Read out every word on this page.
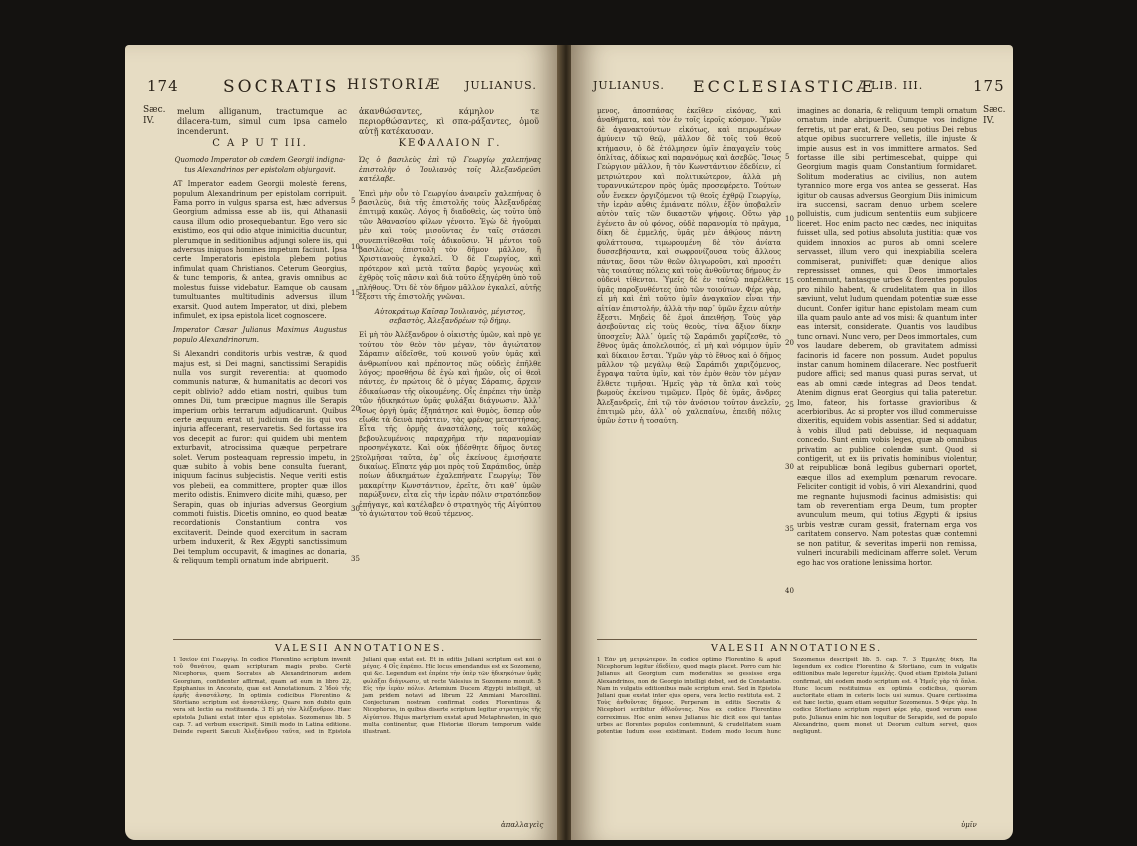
174	SOCRATIS HISTORIÆ JULIANUS.
Sæc.
IV.
melum alliganum, tractumque ac dilacera-tum, simul cum ipsa camelo incenderunt.
ἀκανθώσαντες, κάμηλον τε περιορθώσαντες, κὶ σπα-ράξαντες, ὁμοῦ αὐτῇ κατέκαυσαν.
C A P U T III.

Quomodo Imperator ob cædem Georgii indigna-tus Alexandrinos per epistolam objurgavit.

AT Imperator eadem Georgii molestè ferens, populum Alexandrinum per epistolam corripuit. Fama porro in vulgus sparsa est, hæc adversus Georgium admissa esse ab iis, qui Athanasii causa illum odio prosequebantur. Ego vero sic existimo, eos qui odio atque inimicitia ducuntur, plerumque in seditionibus adjungi solere iis, qui adversus iniquos homines impetum faciunt. Ipsa certe Imperatoris epistola plebem potius infimulat quam Christianos. Ceterum Georgius, & tunc temporis, & antea, gravis omnibus ac molestus fuisse videbatur. Eamque ob causam tumultuantes multitudinis adversus illum exarsit. Quod autem Imperator, ut dixi, plebem infimulet, ex ipsa epistola licet cognoscere.

Imperator Cæsar Julianus Maximus Augustus populo Alexandrinorum.

Si Alexandri conditoris urbis vestræ, & quod majus est, si Dei magni, sanctissimi Serapidis nulla vos surgit reverentia: at quomodo communis naturæ, & humanitatis ac decori vos cepit oblivio? addo etiam nostri, quibus tum omnes Dii, tum præcipue magnus ille Serapis imperium orbis terrarum adjudicarunt. Quibus certe æquum erat ut judicium de iis qui vos injuria affecerant, reservaretis. Sed fortasse ira vos decepit ac furor: qui quidem ubi mentem exturbavit, atrocissima quæque perpetrare solet. Verum posteaquam repressio impetu, in quæ subito à vobis bene consulta fuerant, iniquum facinus subjecistis. Neque veriti estis vos plebeii, ea committere, propter quæ illos merito odistis. Enimvero dicite mihi, quæso, per Serapin, quas ob injurias adversus Georgium commoti fuistis. Dicetis omnino, eo quod beatæ recordationis Constantium contra vos excitaverit. Deinde quod exercitum in sacram urbem induxerit, & Rex Ægypti sanctissimum Dei templum occupavit, & imagines ac donaria, & reliquum templi ornatum inde abripuerit.

ΚΕΦΑΛΑΙΟΝ Γ.

Ὡς ὁ βασιλεὺς ἐπὶ τῷ Γεωργίῳ χαλεπήνας ἐπιστολὴν ὁ Ἰουλιανὸς τοῖς Ἀλεξανδρεῦσι κατέλαβε.

Ἐπεὶ μὴν οὖν τὸ Γεωργίου ἀναιρεῖν χαλεπήνας ὁ βασιλεὺς, διὰ τῆς ἐπιστολῆς τοὺς Ἀλεξανδρέας ἐπιτιμᾷ κακῶς. Λόγος ἢ διαδοθεὶς, ὡς τοῦτο ὑπὸ τῶν Ἀθανασίου φίλων γένοιτο. Ἐγὼ δὲ ἡγοῦμαι μὲν καὶ τοὺς μισοῦντας ἐν ταῖς στάσεσι συνεπιτίθεσθαι τοῖς ἀδικοῦσιν. Ἡ μέντοι τοῦ βασιλέως ἐπιστολὴ τὸν δῆμον μᾶλλον, ἢ Χριστιανοὺς ἐγκαλεῖ. Ὁ δὲ Γεωργίος, καὶ πρότερον καὶ μετὰ ταῦτα βαρὺς γεγονὼς καὶ ἐχθρὸς τοῖς πᾶσιν καὶ διὰ τοῦτο ἐξηγέρθη ὑπὸ τοῦ πλήθους. Ὅτι δὲ τὸν δῆμον μᾶλλον ἐγκαλεῖ, αὐτῆς ἔξεστι τῆς ἐπιστολῆς γνῶναι.

Αὐτοκράτωρ Καῖσαρ Ἰουλιανὸς, μέγιστος, σεβαστὸς, Ἀλεξανδρέων τῷ δήμῳ.

Εἰ μὴ τὸν Ἀλέξανδρον ὁ οἰκιστὴς ὑμῶν, καὶ πρὸ γε τούτου τὸν θεὸν τὸν μέγαν, τὸν ἁγιώτατον Σάραπιν αἰδεῖσθε, τοῦ κοινοῦ γοῦν ὑμᾶς καὶ ἀνθρωπίνου καὶ πρέποντος πῶς οὐδεὶς ἐπῆλθε λόγος; προσθήσω δὲ ἐγὼ καὶ ἡμῶν, οἷς οἱ θεοὶ πάντες, ἐν πρώτοις δὲ ὁ μέγας Σάραπις, ἄρχειν ἐδικαίωσαν τῆς οἰκουμένης. Οἷς ἐπρέπει τὴν ὑπὲρ τῶν ἠδικηκότων ὑμᾶς φυλάξαι διάγνωσιν. Ἀλλ᾽ ἴσως ὀργὴ ὑμᾶς ἐξηπάτησε καὶ θυμὸς, ὅσπερ οὖν εἴωθε τὰ δεινὰ πράττειν, τὰς φρένας μεταστήσας. Εἶτα τῆς ὁρμῆς ἀναστάλσης, τοῖς καλῶς βεβουλευμένοις παραχρῆμα τὴν παρανομίαν προσηνέγκατε. Καὶ οὐκ ᾐδέσθητε δῆμος ὄντες τολμῆσαι ταῦτα, ἐφ᾽ οἷς ἐκείνους ἐμισήσατε δικαίως. Εἴπατε γάρ μοι πρὸς τοῦ Σαράπιδος, ὑπὲρ ποίων ἀδικημάτων ἐχαλεπήνατε Γεωργίῳ; Τὸν μακαρίτην Κωνστάντιον, ἐρεῖτε, ὅτι καθ᾽ ὑμῶν παρώξυνεν, εἶτα εἰς τὴν ἱερὰν πόλιν στρατόπεδον ἐπήγαγε, καὶ κατέλαβεν ὁ στρατηγὸς τῆς Αἰγύπτου τὸ ἁγιώτατον τοῦ θεοῦ τέμενος.

5
10
15
20
25
30
35
VALESII ANNOTATIONES.
1 Ἰσεῖον ἐπὶ Γεωργίῳ. In codice Florentino scriptum invenit τοῦ θανάτου, quam scripturam magis probo. Certè Nicephorus, quem Socrates ab Alexandrinorum ædem Georgium, confidenter affirmat, quam ad eum in libro 22, Epiphanius in Ancorato, quæ est Annotationum. 2 Ἰδοὺ τῆς ἑρμῆς ἀναστάλσης. In optimis codicibus Florentino & Sfortiano scriptum est ἀναστάλσης. Quare non dubito quin vera sit lectio ea restituenda. 3 Εἰ μὴ τὸν Ἀλέξανδρον. Hæc epistola Juliani extat inter ejus epistolas. Sozomenus lib. 5 cap. 7. ad verbum exscripsit. Simili modo in Latina editione. Deinde reperit Sæculi Ἀλεξάνδρου ταῦτα, sed in Epistola Juliani quæ extat est. Et in editis Juliani scriptum est καὶ ὁ μέγας. 4 Οἷς ἐπρέπει. Hic locus emendandus est ex Sozomeno, qui &c. Legendum est ἐπρέπε τὴν ὑπὲρ τῶν ἠδικηκότων ὑμᾶς φυλάξαι διάγνωσιν, ut recte Valesius in Sozomeno monuit. 5 Εἰς τὴν ἱερὰν πόλιν. Artemium Ducem Ægypti intelligit, ut jam pridem notavi ad librum 22 Ammiani Marcellini. Conjecturam nostram confirmat codex Florentinus & Nicephorus, in quibus diserte scriptum legitur στρατηγὸς τῆς Αἰγύπτου. Hujus martyrium exstat apud Metaphrasten, in quo multa continentur, quæ Historiæ illorum temporum valde illustrant.
ἀπαλλαγεὶς
JULIANUS. ECCLESIASTICÆ
LIB. III.	175
Sæc.
IV.
μενος, ἀποσπάσας ἐκεῖθεν εἰκόνας, καὶ ἀναθήματα, καὶ τὸν ἐν τοῖς ἱεροῖς κόσμον. Ὑμῶν δὲ ἀγανακτούντων εἰκότως, καὶ πειρωμένων ἀμύνειν τῷ θεῷ, μᾶλλον δὲ τοῖς τοῦ θεοῦ κτήμασιν, ὁ δὲ ἐτόλμησεν ὑμῖν ἐπαγαγεῖν τοὺς ὁπλίτας, ἀδίκως καὶ παρανόμως καὶ ἀσεβῶς. Ἴσως Γεώργιον μᾶλλον, ἢ τὸν Κωνστάντιον ἐδεδίειν, εἰ μετριώτερον καὶ πολιτικώτερον, ἀλλὰ μὴ τυραννικώτερον πρὸς ὑμᾶς προσεφέρετο. Τούτων οὖν ἕνεκεν ὀργιζόμενοι τῷ θεοῖς ἐχθρῷ Γεωργίῳ, τὴν ἱερὰν αὖθις ἐμιάνατε πόλιν, ἐξὸν ὑποβαλεῖν αὐτὸν ταῖς τῶν δικαστῶν ψήφοις. Οὕτω γὰρ ἐγένετο ἂν οὐ φόνος, οὐδὲ παρανομία τὸ πρᾶγμα, δίκη δὲ ἐμμελής, ὑμᾶς μὲν ἀθῴους πάντη φυλάττουσα, τιμωρουμένη δὲ τὸν ἀνίατα δυσσεβήσαντα, καὶ σωφρονίζουσα τοὺς ἄλλους πάντας, ὅσοι τῶν θεῶν ὀλιγωροῦσι, καὶ προσέτι τὰς τοιαύτας πόλεις καὶ τοὺς ἀνθοῦντας δήμους ἐν οὐδενὶ τίθενται. Ὑμεῖς δὲ ἐν ταὐτῷ παρέλθετε ὑμᾶς παροξυνθέντες ὑπὸ τῶν τοιούτων. Φέρε γὰρ, εἰ μὴ καὶ ἐπὶ τοῦτο ὑμῖν ἀναγκαῖον εἶναι τὴν αἰτίαν ἐπιστολήν, ἀλλὰ τὴν παρ᾽ ὑμῶν ἔχειν αὐτὴν ἔξεστι. Μηδεὶς δὲ ἐμοὶ ἀπειθήσῃ. Τοὺς γὰρ ἀσεβοῦντας εἰς τοὺς θεοὺς, τίνα ἄξιον δίκην ὑποσχεῖν; Ἀλλ᾽ ὑμεῖς τῷ Σαράπιδι χαρίζεσθε, τὸ ἔθνος ὑμᾶς ἀπολελοιπός, εἰ μὴ καὶ νόμιμον ὑμῖν καὶ δίκαιον ἔσται. Ὑμῶν γὰρ τὸ ἔθνος καὶ ὁ δῆμος μᾶλλον τῷ μεγάλῳ θεῷ Σαράπιδι χαριζόμενος, ἔγραψα ταῦτα ὑμῖν, καὶ τὸν ἐμὸν θεὸν τὸν μέγαν ἔλθετε τιμῆσαι. Ἡμεῖς γὰρ τὰ ὅπλα καὶ τοὺς βωμοὺς ἐκείνου τιμῶμεν. Πρὸς δὲ ὑμᾶς, ἄνδρες Ἀλεξανδρεῖς, ἐπὶ τῷ τὸν ἀνόσιον τοῦτον ἀνελεῖν, ἐπιτιμῶ μὲν, ἀλλ᾽ οὐ χαλεπαίνω, ἐπειδὴ πόλις ὑμῶν ἐστιν ἡ τοσαύτη.
imagines ac donaria, & reliquum templi ornatum ornatum inde abripuerit. Cumque vos indigne ferretis, ut par erat, & Deo, seu potius Dei rebus atque opibus succurrere velletis, ille injuste & impie ausus est in vos immittere armatos. Sed fortasse ille sibi pertimescebat, quippe qui Georgium magis quam Constantium formidaret. Solitum moderatius ac civilius, non autem tyrannico more erga vos antea se gesserat. Has igitur ob causas adversus Georgium Diis inimicum ira succensi, sacram denuo urbem scelere polluistis, cum judicum sententiis eum subjicere liceret. Hoc enim pacto nec cædes, nec iniquitas fuisset ulla, sed potius absoluta justitia: quæ vos quidem innoxios ac puros ab omni scelere servasset, illum vero qui inexpiabilia scelera commiserat, puniviffet: quæ denique alios repressisset omnes, qui Deos immortales contemnunt, tantasque urbes & florentes populos pro nihilo habent, & crudelitatem qua in illos sæviunt, velut ludum quendam potentiæ suæ esse ducunt. Confer igitur hanc epistolam meam cum illa quam paulo ante ad vos misi: & quantum inter eas intersit, considerate. Quantis vos laudibus tunc ornavi. Nunc vero, per Deos immortales, cum vos laudare deberem, ob gravitatem admissi facinoris id facere non possum. Audet populus instar canum hominem dilacerare. Nec postfuerit pudore affici; sed manus quasi puras servat, ut eas ab omni cæde integras ad Deos tendat. Atenim dignus erat Georgius qui talia pateretur. Imo, fateor, his fortasse gravioribus & acerbioribus. Ac si propter vos illud commeruisse dixeritis, equidem vobis assentiar. Sed si addatur, à vobis illud pati debuisse, id nequaquam concedo. Sunt enim vobis leges, quæ ab omnibus privatim ac publice colendæ sunt. Quod si contigerit, ut ex iis privatis hominibus violentur, at reipublicæ bonâ legibus gubernari oportet, eæque illos ad exemplum pœnarum revocare. Feliciter contigit id vobis, ô viri Alexandrini, quod me regnante hujusmodi facinus admisistis: qui tam ob reverentiam erga Deum, tum propter avunculum meum, qui totius Ægypti & ipsius urbis vestræ curam gessit, fraternam erga vos caritatem conservo. Nam potestas quæ contemni se non patitur, & severitas imperii non remissa, vulneri incurabili medicinam afferre solet. Verum ego hac vos oratione lenissima hortor.
5
10
15
20
25
30
35
40
VALESII ANNOTATIONES.
1 Ἐὰν μὴ μετριώτερον. In codice optimo Florentino & apud Nicephorum legitur ἐδεδίειν, quod magis placet. Porro cum hic Julianus ait Georgium cum moderatius se gessisse erga Alexandrinos, non de Georgio intelligi debet, sed de Constantio. Nam in vulgatis editionibus male scriptum erat. Sed in Epistola Juliani quæ exstat inter ejus opera, vera lectio restituta est. 2 Τοὺς ἀνθοῦντας δήμους. Perperam in editis Socratis & Nicephori scribitur ἀθλοῦντας. Nos ex codice Florentino correximus. Hoc enim sensu Julianus hic dicit eos qui tantas urbes ac florentes populos contemnunt, & crudelitatem suam potentiæ ludum esse existimant. Eodem modo locum hunc Sozomenus descripsit lib. 5. cap. 7. 3 Ἐμμελὴς δίκη. Ita legendum ex codice Florentino & Sfortiano, cum in vulgatis editionibus male legeretur ἐμμελὴς. Quod etiam Epistola Juliani confirmat, ubi eodem modo scriptum est. 4 Ἡμεῖς γὰρ τὰ ὅπλα. Hunc locum restituimus ex optimis codicibus, quorum auctoritate etiam in ceteris locis usi sumus. Quare certissima est hæc lectio, quam etiam sequitur Sozomenus. 5 Φέρε γὰρ. In codice Sfortiano scriptum reperi φέρε γάρ, quod verum esse puto. Julianus enim hic non loquitur de Serapide, sed de populo Alexandrino, quem monet ut Deorum cultum servet, quos negligunt.
ὑμῖν
